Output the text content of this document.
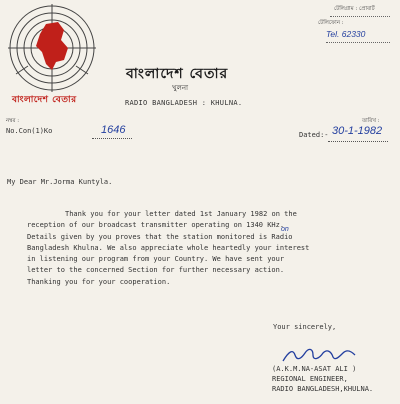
বাংলাদেশ বেতার
বাংলাদেশ বেতার
খুলনা
RADIO BANGLADESH : KHULNA.
টেলিগ্রাম : প্রোবার্ট
টেলিফোন :
Tel. 62330
নম্বর :
No.Con(1)Ko	1646
তারিখ :
Dated:- 30-1-1982
My Dear Mr.Jorma Kuntyla.
Thank you for your letter dated 1st January 1982 on the
reception of our broadcast transmitter operating on 1340 KHz.
Details given by you proves that the station monitored is Radio
Bangladesh Khulna. We also appreciate whole heartedly your interest
in listening our program from your Country. We have sent your
letter to the concerned Section for further necessary action.
Thanking you for your cooperation.
on
Your sincerely,
(A.K.M.NA-ASAT ALI )
REGIONAL ENGINEER,
RADIO BANGLADESH,KHULNA.
